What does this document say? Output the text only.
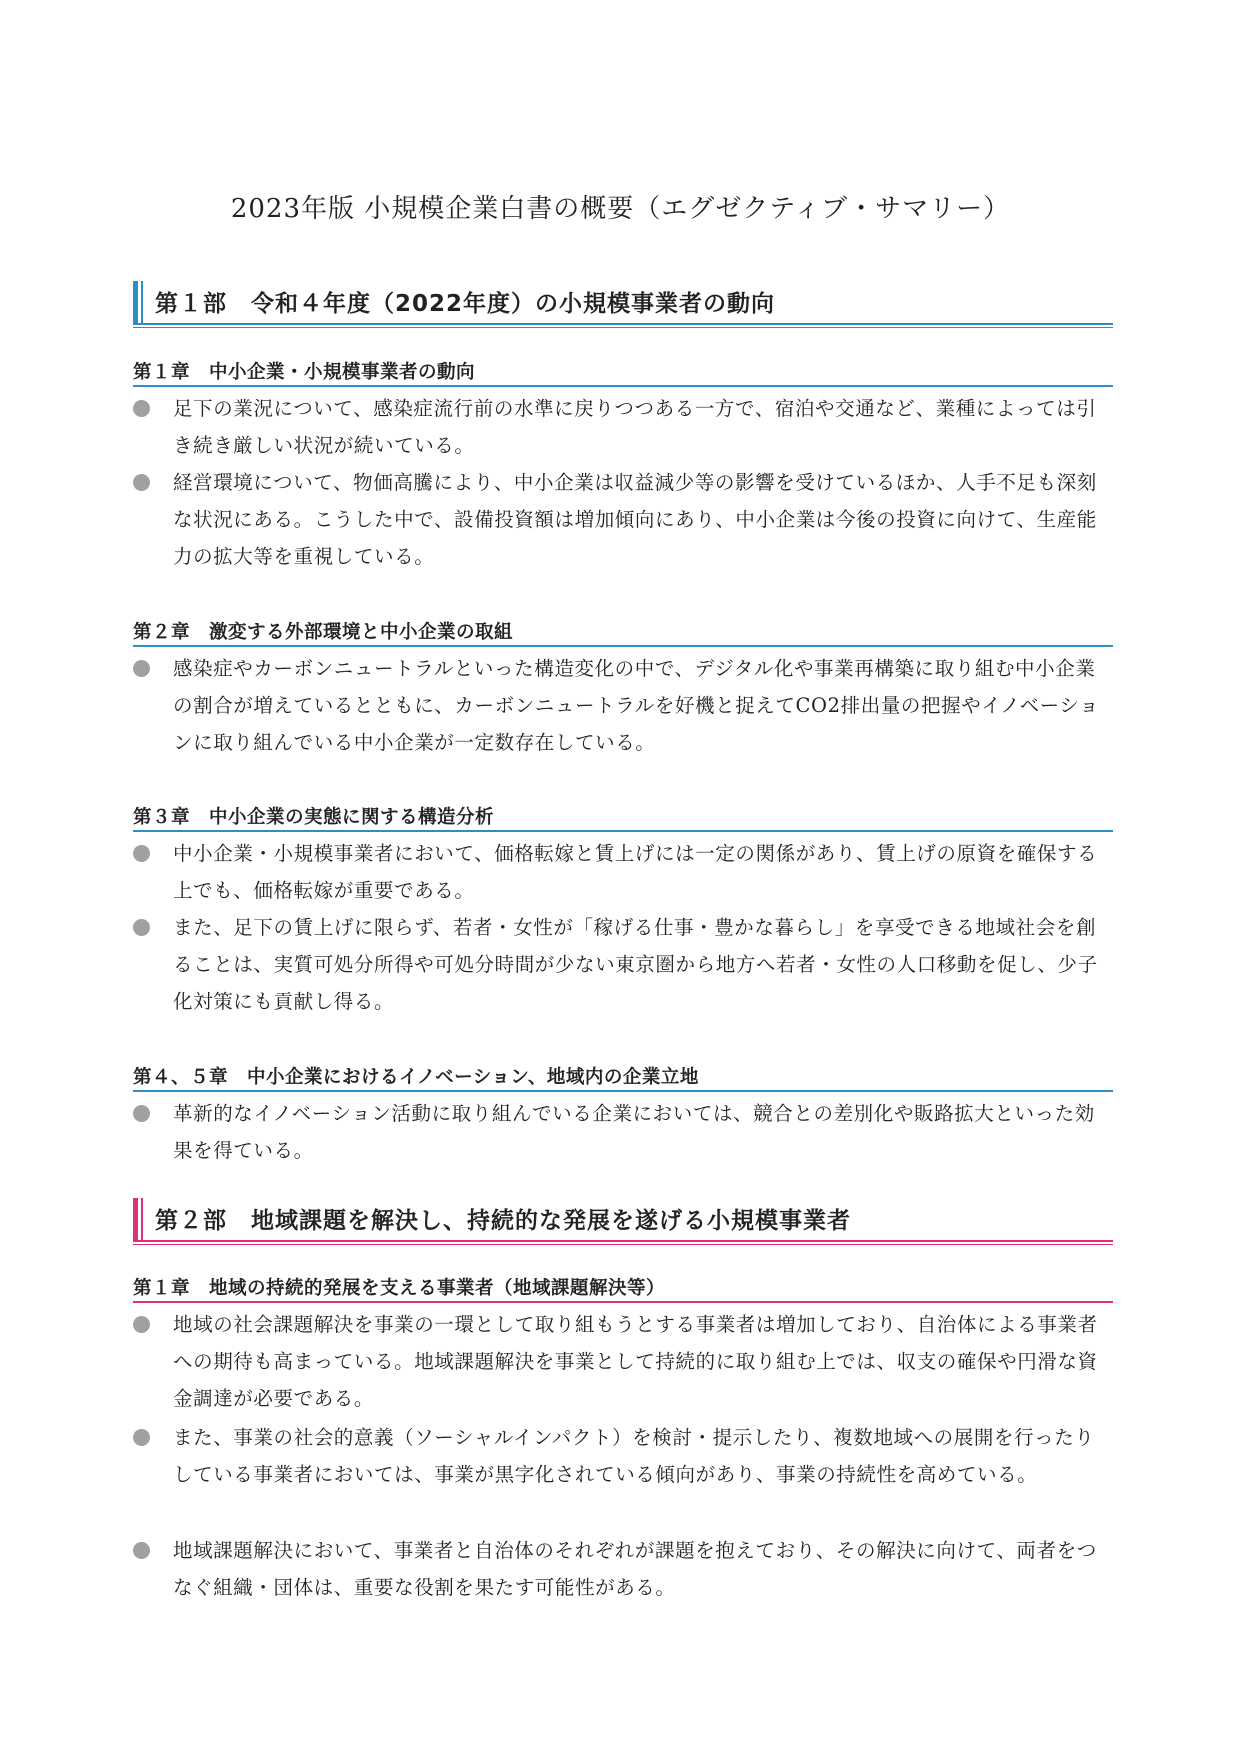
2023年版 小規模企業白書の概要（エグゼクティブ・サマリー）
第１部　令和４年度（2022年度）の小規模事業者の動向
第１章　中小企業・小規模事業者の動向
足下の業況について、感染症流行前の水準に戻りつつある一方で、宿泊や交通など、業種によっては引き続き厳しい状況が続いている。
経営環境について、物価高騰により、中小企業は収益減少等の影響を受けているほか、人手不足も深刻な状況にある。こうした中で、設備投資額は増加傾向にあり、中小企業は今後の投資に向けて、生産能力の拡大等を重視している。
第２章　激変する外部環境と中小企業の取組
感染症やカーボンニュートラルといった構造変化の中で、デジタル化や事業再構築に取り組む中小企業の割合が増えているとともに、カーボンニュートラルを好機と捉えてCO2排出量の把握やイノベーションに取り組んでいる中小企業が一定数存在している。
第３章　中小企業の実態に関する構造分析
中小企業・小規模事業者において、価格転嫁と賃上げには一定の関係があり、賃上げの原資を確保する上でも、価格転嫁が重要である。
また、足下の賃上げに限らず、若者・女性が「稼げる仕事・豊かな暮らし」を享受できる地域社会を創ることは、実質可処分所得や可処分時間が少ない東京圏から地方へ若者・女性の人口移動を促し、少子化対策にも貢献し得る。
第４、５章　中小企業におけるイノベーション、地域内の企業立地
革新的なイノベーション活動に取り組んでいる企業においては、競合との差別化や販路拡大といった効果を得ている。
第２部　地域課題を解決し、持続的な発展を遂げる小規模事業者
第１章　地域の持続的発展を支える事業者（地域課題解決等）
地域の社会課題解決を事業の一環として取り組もうとする事業者は増加しており、自治体による事業者への期待も高まっている。地域課題解決を事業として持続的に取り組む上では、収支の確保や円滑な資金調達が必要である。
また、事業の社会的意義（ソーシャルインパクト）を検討・提示したり、複数地域への展開を行ったりしている事業者においては、事業が黒字化されている傾向があり、事業の持続性を高めている。
地域課題解決において、事業者と自治体のそれぞれが課題を抱えており、その解決に向けて、両者をつなぐ組織・団体は、重要な役割を果たす可能性がある。
